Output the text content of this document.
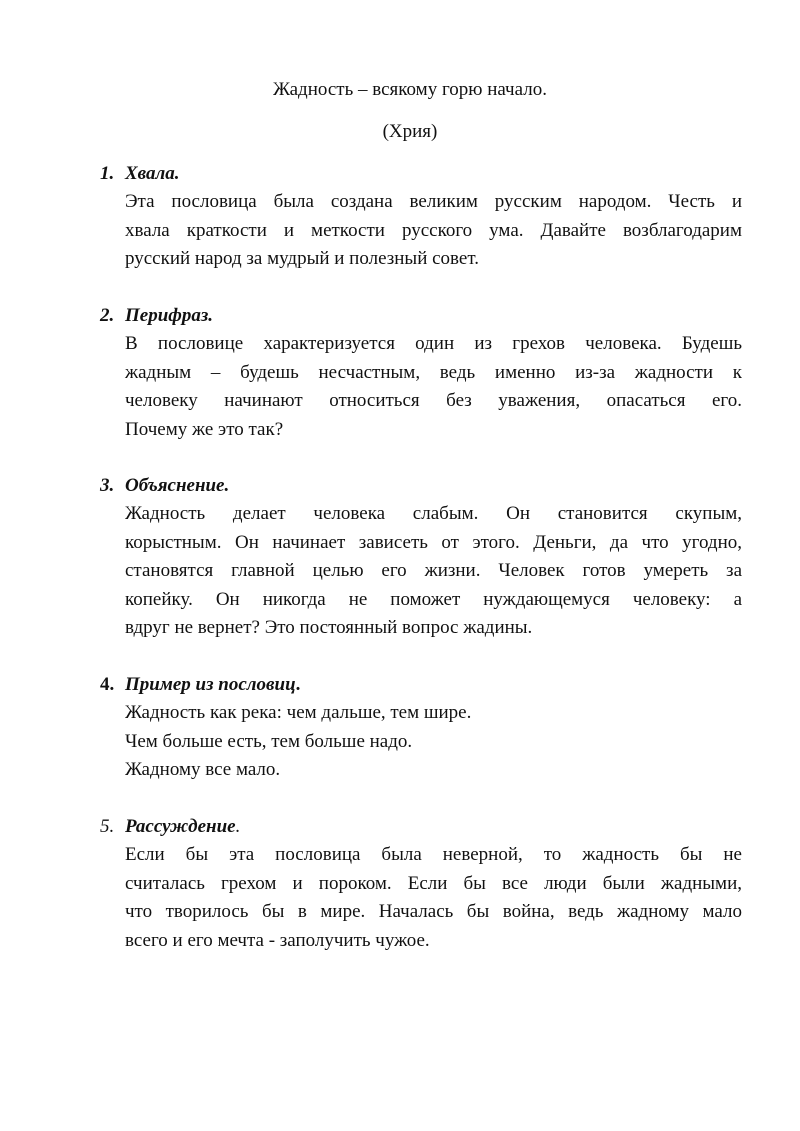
Жадность – всякому горю начало.
(Хрия)
1. Хвала.
Эта пословица была создана великим русским народом. Честь и
хвала краткости и меткости русского ума. Давайте возблагодарим
русский народ за мудрый и полезный совет.
2. Перифраз.
В пословице характеризуется один из грехов человека. Будешь
жадным – будешь несчастным, ведь именно из-за жадности к
человеку начинают относиться без уважения, опасаться его.
Почему же это так?
3. Объяснение.
Жадность делает человека слабым. Он становится скупым,
корыстным. Он начинает зависеть от этого. Деньги, да что угодно,
становятся главной целью его жизни. Человек готов умереть за
копейку. Он никогда не поможет нуждающемуся человеку: а
вдруг не вернет? Это постоянный вопрос жадины.
4. Пример из пословиц.
Жадность как река: чем дальше, тем шире.
Чем больше есть, тем больше надо.
Жадному все мало.
5. Рассуждение.
Если бы эта пословица была неверной, то жадность бы не
считалась грехом и пороком. Если бы все люди были жадными,
что творилось бы в мире. Началась бы война, ведь жадному мало
всего и его мечта - заполучить чужое.
